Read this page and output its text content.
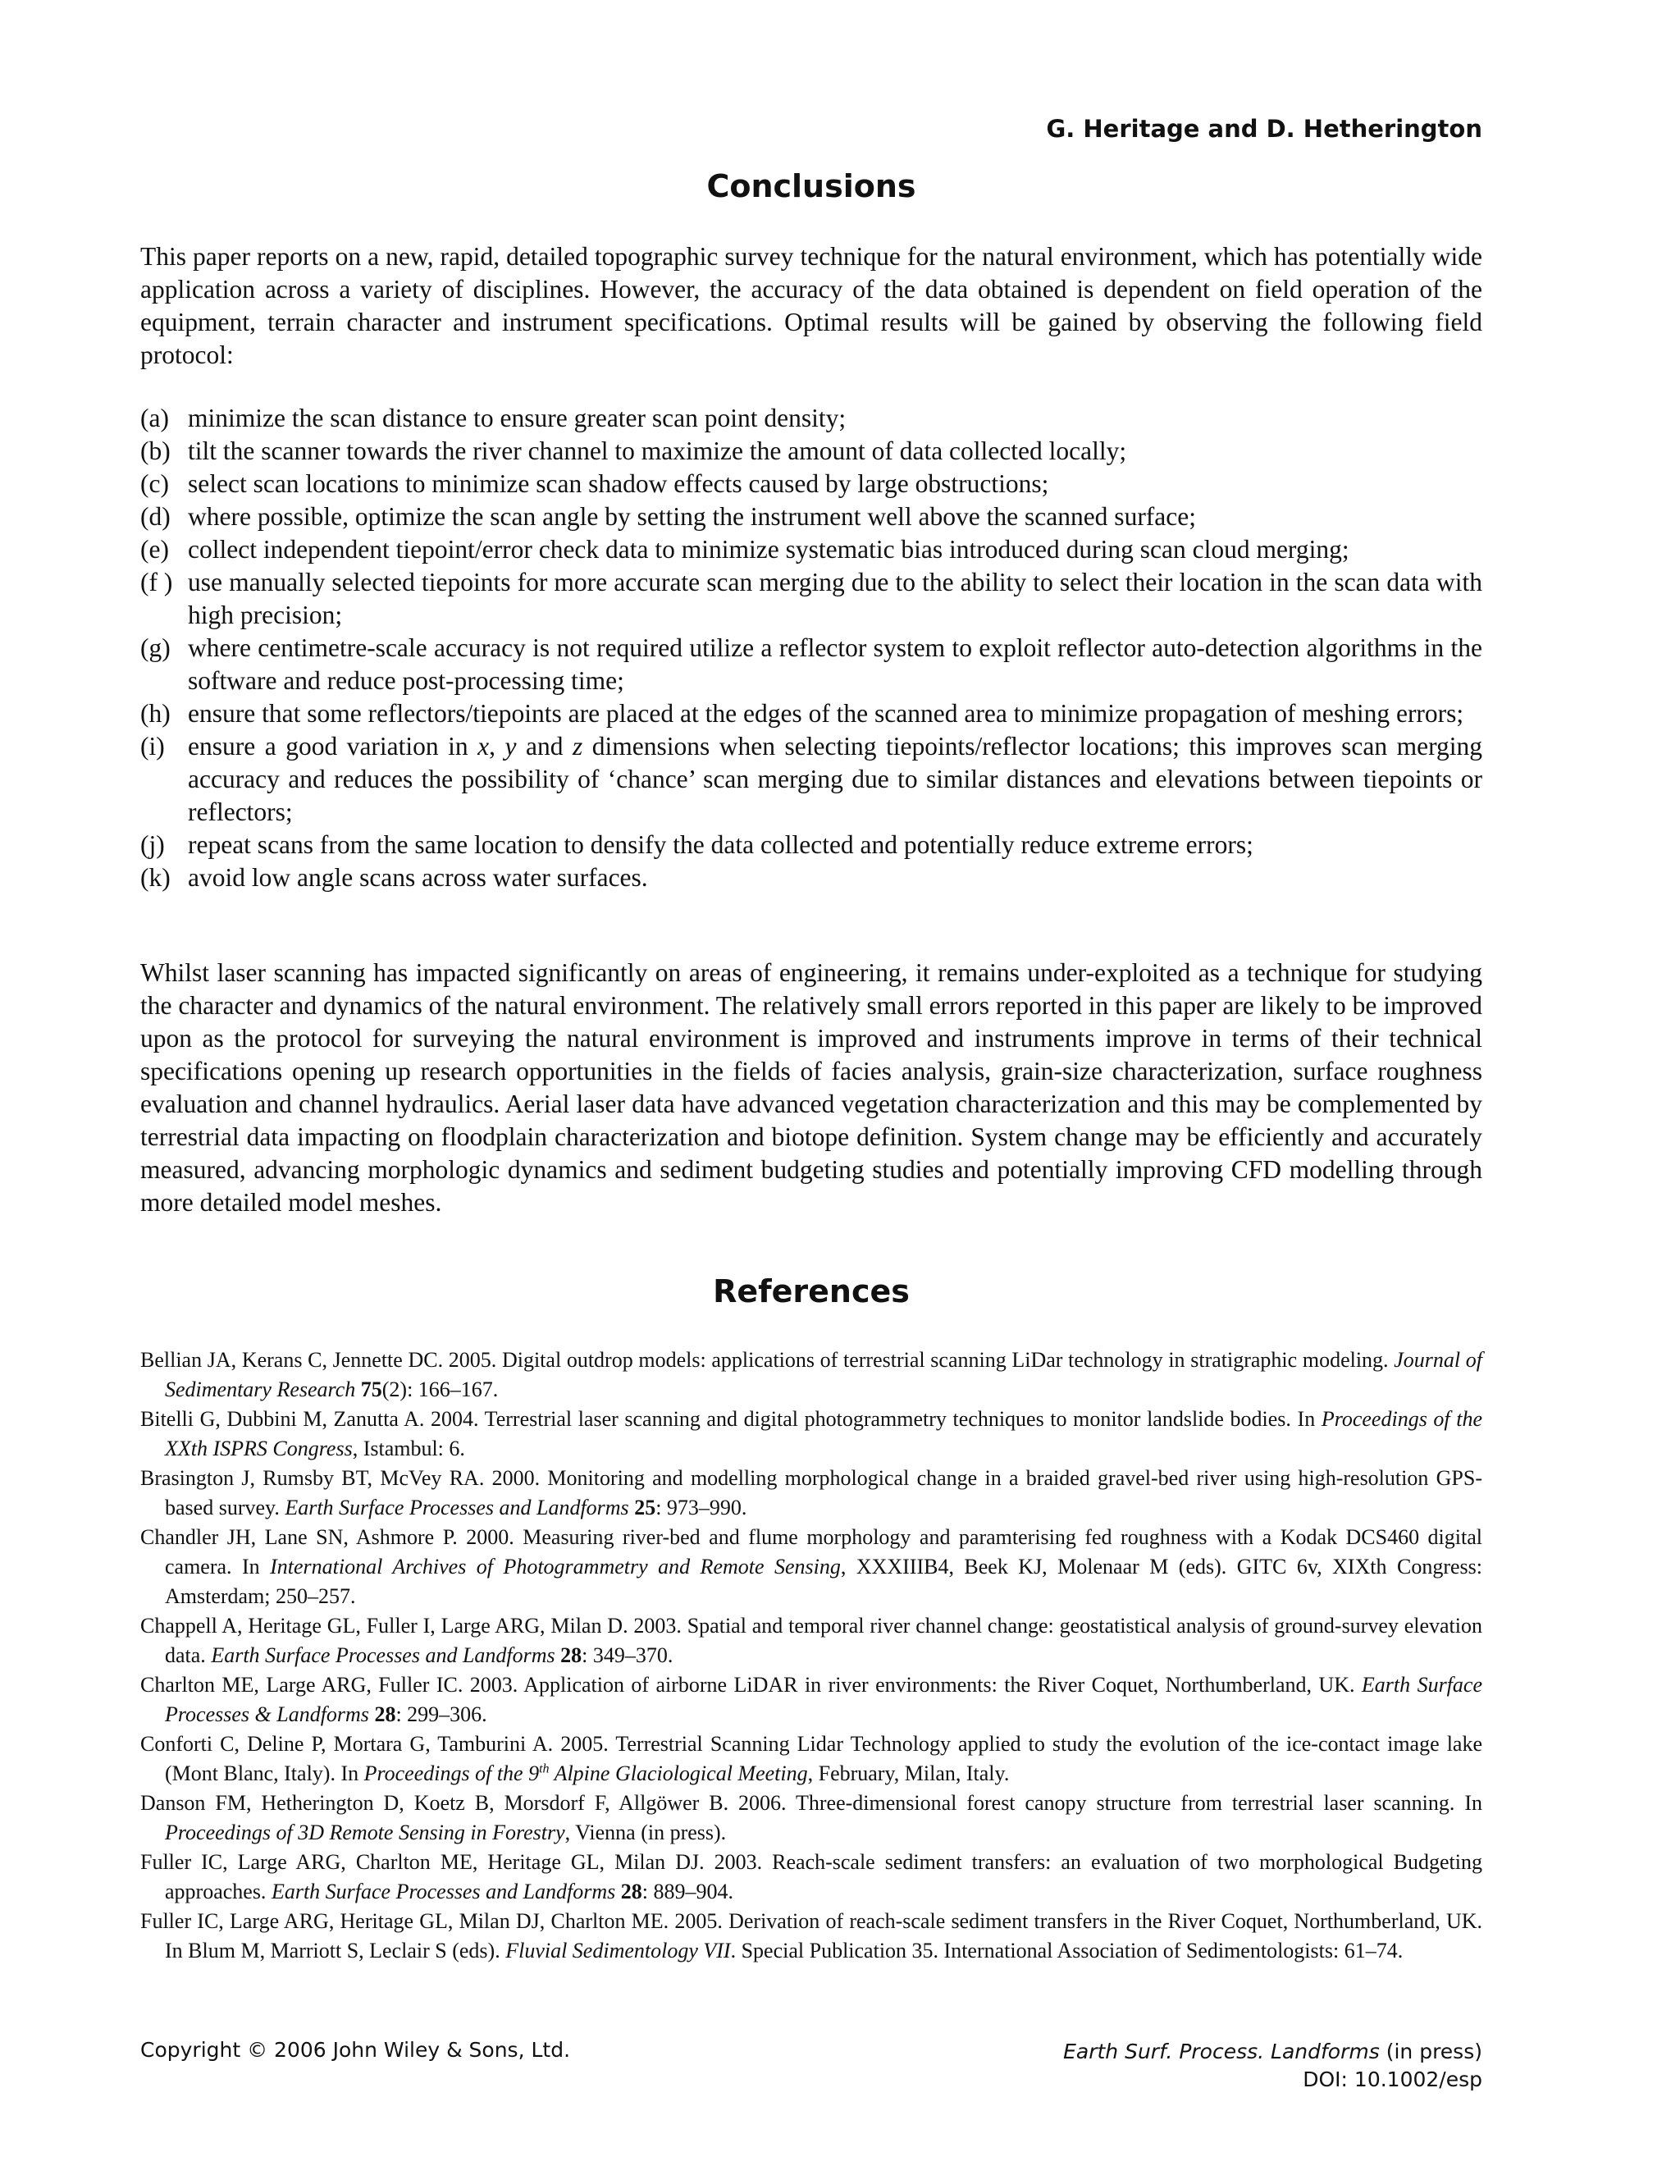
G. Heritage and D. Hetherington
Conclusions

This paper reports on a new, rapid, detailed topographic survey technique for the natural environment, which has potentially wide application across a variety of disciplines. However, the accuracy of the data obtained is dependent on field operation of the equipment, terrain character and instrument specifications. Optimal results will be gained by observing the following field protocol:

(a) minimize the scan distance to ensure greater scan point density;
(b) tilt the scanner towards the river channel to maximize the amount of data collected locally;
(c) select scan locations to minimize scan shadow effects caused by large obstructions;
(d) where possible, optimize the scan angle by setting the instrument well above the scanned surface;
(e) collect independent tiepoint/error check data to minimize systematic bias introduced during scan cloud merging;
(f ) use manually selected tiepoints for more accurate scan merging due to the ability to select their location in the scan data with high precision;
(g) where centimetre-scale accuracy is not required utilize a reflector system to exploit reflector auto-detection algorithms in the software and reduce post-processing time;
(h) ensure that some reflectors/tiepoints are placed at the edges of the scanned area to minimize propagation of meshing errors;
(i) ensure a good variation in x, y and z dimensions when selecting tiepoints/reflector locations; this improves scan merging accuracy and reduces the possibility of ‘chance’ scan merging due to similar distances and elevations between tiepoints or reflectors;
(j) repeat scans from the same location to densify the data collected and potentially reduce extreme errors;
(k) avoid low angle scans across water surfaces.

Whilst laser scanning has impacted significantly on areas of engineering, it remains under-exploited as a technique for studying the character and dynamics of the natural environment. The relatively small errors reported in this paper are likely to be improved upon as the protocol for surveying the natural environment is improved and instruments improve in terms of their technical specifications opening up research opportunities in the fields of facies analysis, grain-size characterization, surface roughness evaluation and channel hydraulics. Aerial laser data have advanced vegetation characterization and this may be complemented by terrestrial data impacting on floodplain characterization and biotope definition. System change may be efficiently and accurately measured, advancing morphologic dynamics and sediment budgeting studies and potentially improving CFD modelling through more detailed model meshes.

References
Bellian JA, Kerans C, Jennette DC. 2005. Digital outdrop models: applications of terrestrial scanning LiDar technology in stratigraphic modeling. Journal of Sedimentary Research 75(2): 166–167.
Bitelli G, Dubbini M, Zanutta A. 2004. Terrestrial laser scanning and digital photogrammetry techniques to monitor landslide bodies. In Proceedings of the XXth ISPRS Congress, Istambul: 6.
Brasington J, Rumsby BT, McVey RA. 2000. Monitoring and modelling morphological change in a braided gravel-bed river using high-resolution GPS-based survey. Earth Surface Processes and Landforms 25: 973–990.
Chandler JH, Lane SN, Ashmore P. 2000. Measuring river-bed and flume morphology and paramterising fed roughness with a Kodak DCS460 digital camera. In International Archives of Photogrammetry and Remote Sensing, XXXIIIB4, Beek KJ, Molenaar M (eds). GITC 6v, XIXth Congress: Amsterdam; 250–257.
Chappell A, Heritage GL, Fuller I, Large ARG, Milan D. 2003. Spatial and temporal river channel change: geostatistical analysis of ground-survey elevation data. Earth Surface Processes and Landforms 28: 349–370.
Charlton ME, Large ARG, Fuller IC. 2003. Application of airborne LiDAR in river environments: the River Coquet, Northumberland, UK. Earth Surface Processes & Landforms 28: 299–306.
Conforti C, Deline P, Mortara G, Tamburini A. 2005. Terrestrial Scanning Lidar Technology applied to study the evolution of the ice-contact image lake (Mont Blanc, Italy). In Proceedings of the 9th Alpine Glaciological Meeting, February, Milan, Italy.
Danson FM, Hetherington D, Koetz B, Morsdorf F, Allgöwer B. 2006. Three-dimensional forest canopy structure from terrestrial laser scanning. In Proceedings of 3D Remote Sensing in Forestry, Vienna (in press).
Fuller IC, Large ARG, Charlton ME, Heritage GL, Milan DJ. 2003. Reach-scale sediment transfers: an evaluation of two morphological Budgeting approaches. Earth Surface Processes and Landforms 28: 889–904.
Fuller IC, Large ARG, Heritage GL, Milan DJ, Charlton ME. 2005. Derivation of reach-scale sediment transfers in the River Coquet, Northumberland, UK. In Blum M, Marriott S, Leclair S (eds). Fluvial Sedimentology VII. Special Publication 35. International Association of Sedimentologists: 61–74.
Copyright © 2006 John Wiley & Sons, Ltd.	Earth Surf. Process. Landforms (in press)
DOI: 10.1002/esp
